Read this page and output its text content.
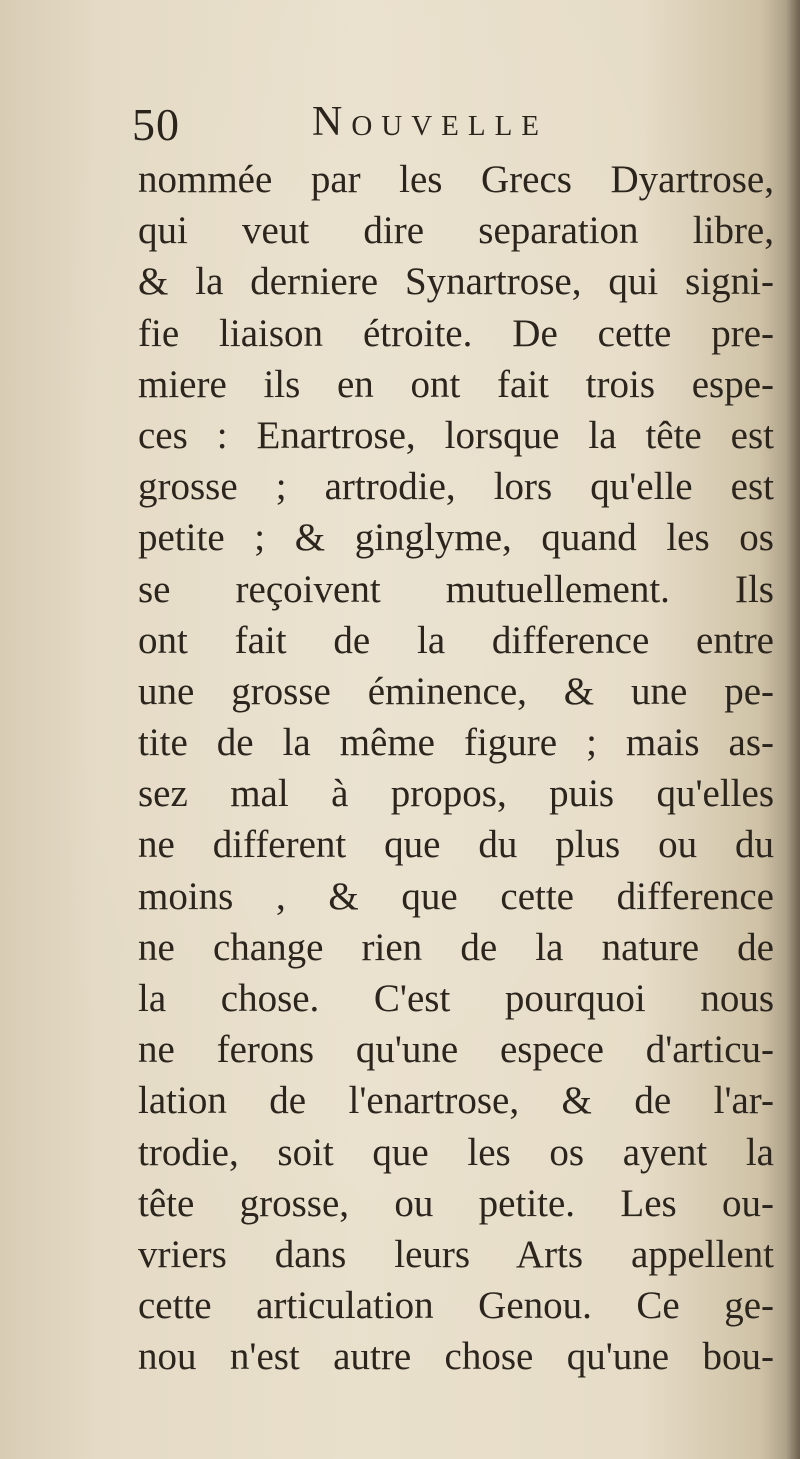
50	Nouvelle
nommée par les Grecs Dyartrose,
qui veut dire separation libre,
& la derniere Synartrose, qui signi-
fie liaison étroite. De cette pre-
miere ils en ont fait trois espe-
ces : Enartrose, lorsque la tête est
grosse ; artrodie, lors qu'elle est
petite ; & ginglyme, quand les os
se reçoivent mutuellement. Ils
ont fait de la difference entre
une grosse éminence, & une pe-
tite de la même figure ; mais as-
sez mal à propos, puis qu'elles
ne different que du plus ou du
moins , & que cette difference
ne change rien de la nature de
la chose. C'est pourquoi nous
ne ferons qu'une espece d'articu-
lation de l'enartrose, & de l'ar-
trodie, soit que les os ayent la
tête grosse, ou petite. Les ou-
vriers dans leurs Arts appellent
cette articulation Genou. Ce ge-
nou n'est autre chose qu'une bou-
